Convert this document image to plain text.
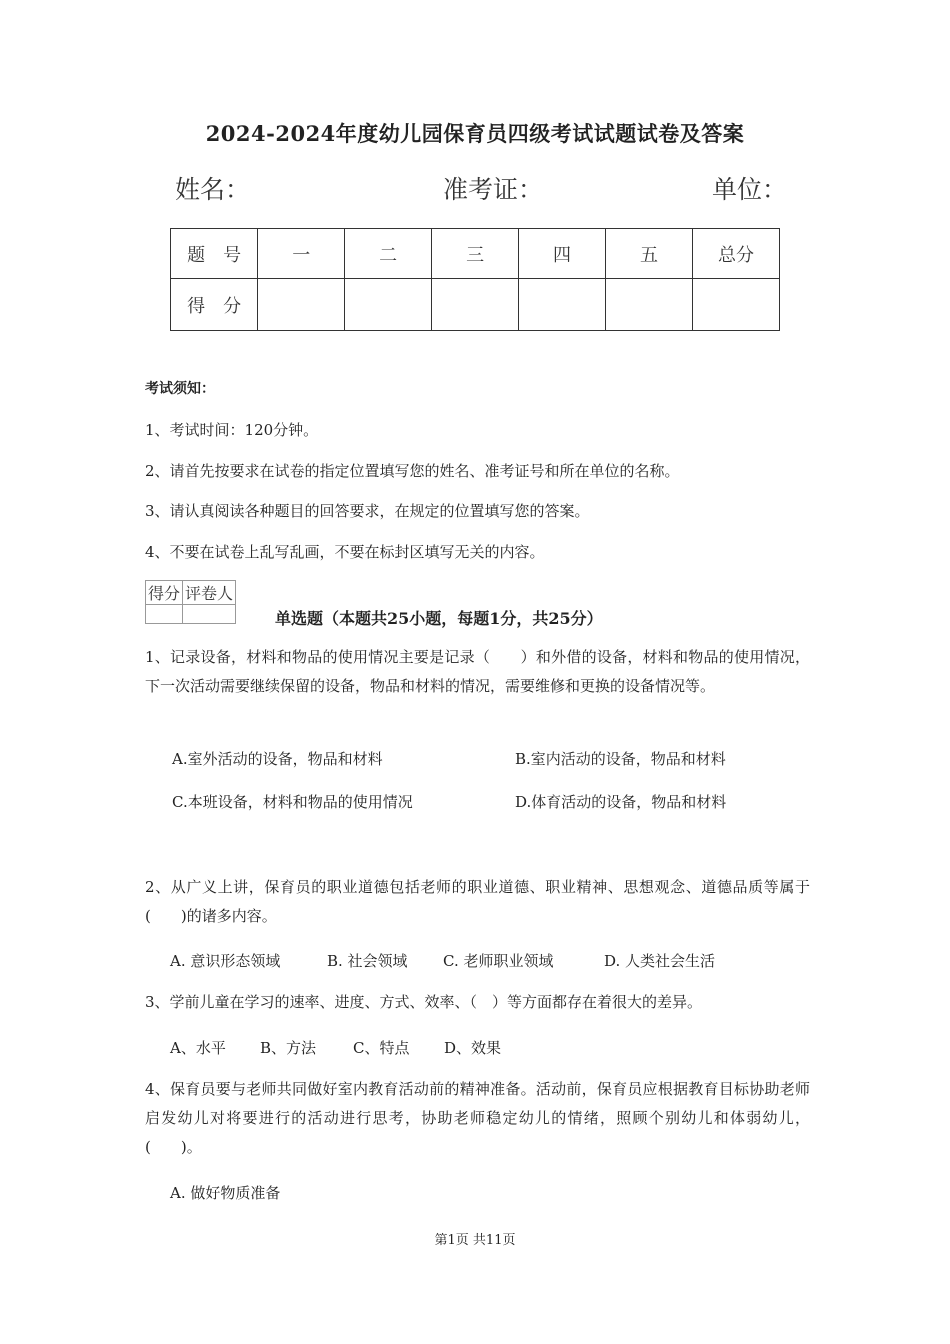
2024-2024年度幼儿园保育员四级考试试题试卷及答案
姓名：	准考证：	单位：
题　号	一	二	三	四	五	总分
得　分						
考试须知：
1、考试时间：120分钟。
2、请首先按要求在试卷的指定位置填写您的姓名、准考证号和所在单位的名称。
3、请认真阅读各种题目的回答要求，在规定的位置填写您的答案。
4、不要在试卷上乱写乱画，不要在标封区填写无关的内容。
得分	评卷人

单选题（本题共25小题，每题1分，共25分）
1、记录设备，材料和物品的使用情况主要是记录（　　）和外借的设备，材料和物品的使用情况，下一次活动需要继续保留的设备，物品和材料的情况，需要维修和更换的设备情况等。
A.室外活动的设备，物品和材料	B.室内活动的设备，物品和材料
C.本班设备，材料和物品的使用情况	D.体育活动的设备，物品和材料
2、从广义上讲，保育员的职业道德包括老师的职业道德、职业精神、思想观念、道德品质等属于(　　)的诸多内容。
A. 意识形态领域	B. 社会领域 C. 老师职业领域	D. 人类社会生活
3、学前儿童在学习的速率、进度、方式、效率、（　）等方面都存在着很大的差异。
A、水平 B、方法 C、特点 D、效果
4、保育员要与老师共同做好室内教育活动前的精神准备。活动前，保育员应根据教育目标协助老师启发幼儿对将要进行的活动进行思考，协助老师稳定幼儿的情绪，照顾个别幼儿和体弱幼儿，(　　)。
A. 做好物质准备
第1页 共11页
